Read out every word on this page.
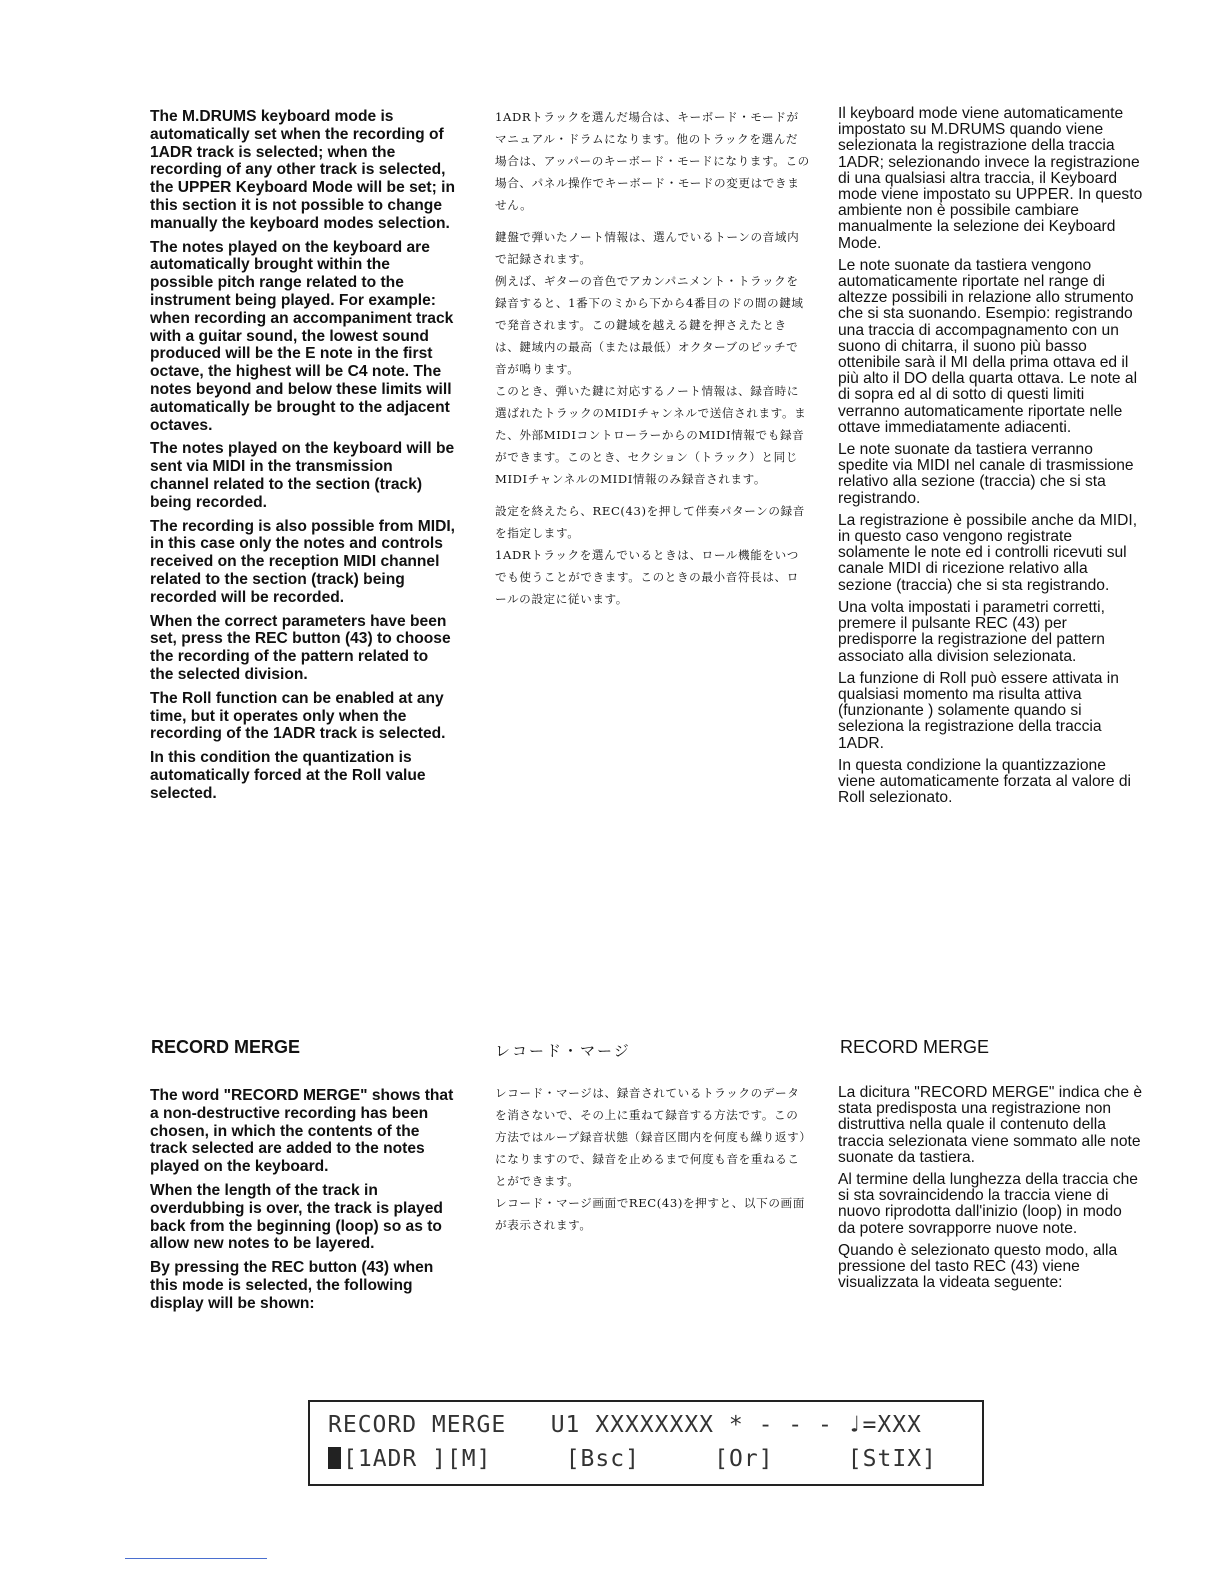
The M.DRUMS keyboard mode is automatically set when the recording of 1ADR track is selected; when the recording of any other track is selected, the UPPER Keyboard Mode will be set; in this section it is not possible to change manually the keyboard modes selection.

The notes played on the keyboard are automatically brought within the possible pitch range related to the instrument being played. For example: when recording an accompaniment track with a guitar sound, the lowest sound produced will be the E note in the first octave, the highest will be C4 note. The notes beyond and below these limits will automatically be brought to the adjacent octaves.

The notes played on the keyboard will be sent via MIDI in the transmission channel related to the section (track) being recorded.

The recording is also possible from MIDI, in this case only the notes and controls received on the reception MIDI channel related to the section (track) being recorded will be recorded.

When the correct parameters have been set, press the REC button (43) to choose the recording of the pattern related to the selected division.

The Roll function can be enabled at any time, but it operates only when the recording of the 1ADR track is selected.

In this condition the quantization is automatically forced at the Roll value selected.

1ADRトラックを選んだ場合は、キーボード・モードがマニュアル・ドラムになります。他のトラックを選んだ場合は、アッパーのキーボード・モードになります。この場合、パネル操作でキーボード・モードの変更はできません。

鍵盤で弾いたノート情報は、選んでいるトーンの音域内で記録されます。

例えば、ギターの音色でアカンパニメント・トラックを録音すると、1番下のミから下から4番目のドの間の鍵域で発音されます。この鍵域を越える鍵を押さえたときは、鍵域内の最高（または最低）オクターブのピッチで音が鳴ります。

このとき、弾いた鍵に対応するノート情報は、録音時に選ばれたトラックのMIDIチャンネルで送信されます。また、外部MIDIコントローラーからのMIDI情報でも録音ができます。このとき、セクション（トラック）と同じMIDIチャンネルのMIDI情報のみ録音されます。

設定を終えたら、REC(43)を押して伴奏パターンの録音を指定します。

1ADRトラックを選んでいるときは、ロール機能をいつでも使うことができます。このときの最小音符長は、ロールの設定に従います。

Il keyboard mode viene automaticamente impostato su M.DRUMS quando viene selezionata la registrazione della traccia 1ADR; selezionando invece la registrazione di una qualsiasi altra traccia, il Keyboard mode viene impostato su UPPER. In questo ambiente non è possibile cambiare manualmente la selezione dei Keyboard Mode.

Le note suonate da tastiera vengono automaticamente riportate nel range di altezze possibili in relazione allo strumento che si sta suonando. Esempio: registrando una traccia di accompagnamento con un suono di chitarra, il suono più basso ottenibile sarà il MI della prima ottava ed il più alto il DO della quarta ottava. Le note al di sopra ed al di sotto di questi limiti verranno automaticamente riportate nelle ottave immediatamente adiacenti.

Le note suonate da tastiera verranno spedite via MIDI nel canale di trasmissione relativo alla sezione (traccia) che si sta registrando.

La registrazione è possibile anche da MIDI, in questo caso vengono registrate solamente le note ed i controlli ricevuti sul canale MIDI di ricezione relativo alla sezione (traccia) che si sta registrando.

Una volta impostati i parametri corretti, premere il pulsante REC (43) per predisporre la registrazione del pattern associato alla division selezionata.

La funzione di Roll può essere attivata in qualsiasi momento ma risulta attiva (funzionante ) solamente quando si seleziona la registrazione della traccia 1ADR.

In questa condizione la quantizzazione viene automaticamente forzata al valore di Roll selezionato.

RECORD MERGE	レコード・マージ	RECORD MERGE

The word "RECORD MERGE" shows that a non-destructive recording has been chosen, in which the contents of the track selected are added to the notes played on the keyboard.

When the length of the track in overdubbing is over, the track is played back from the beginning (loop) so as to allow new notes to be layered.

By pressing the REC button (43) when this mode is selected, the following display will be shown:

レコード・マージは、録音されているトラックのデータを消さないで、その上に重ねて録音する方法です。この方法ではループ録音状態（録音区間内を何度も繰り返す）になりますので、録音を止めるまで何度も音を重ねることができます。

レコード・マージ画面でREC(43)を押すと、以下の画面が表示されます。

La dicitura "RECORD MERGE" indica che è stata predisposta una registrazione non distruttiva nella quale il contenuto della traccia selezionata viene sommato alle note suonate da tastiera.

Al termine della lunghezza della traccia che si sta sovraincidendo la traccia viene di nuovo riprodotta dall'inizio (loop) in modo da potere sovrapporre nuove note.

Quando è selezionato questo modo, alla pressione del tasto REC (43) viene visualizzata la videata seguente:

RECORD MERGE   U1 XXXXXXXX * - - - ♩=XXX
[1ADR ][M]     [Bsc]     [Or]     [StIX]
